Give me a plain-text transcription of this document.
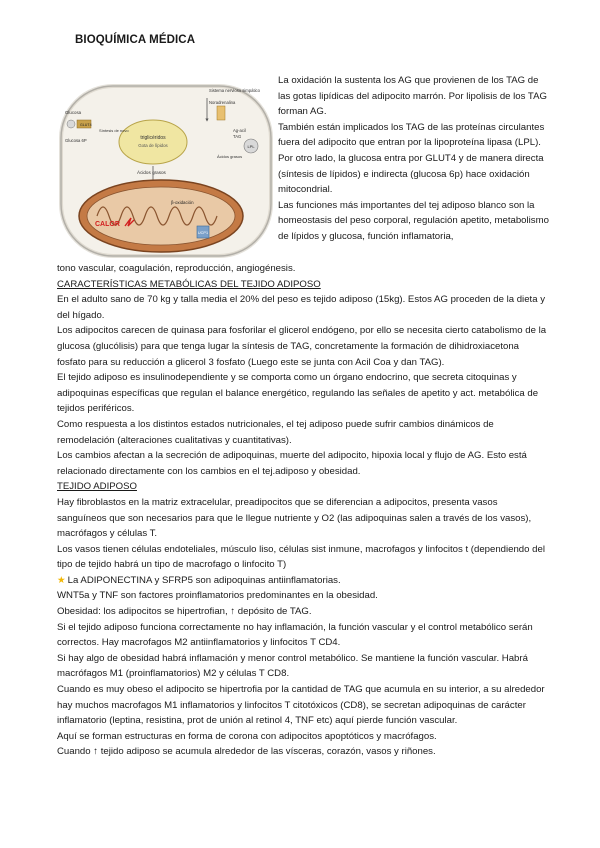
BIOQUÍMICA MÉDICA
triglicéridos
Gota de lípidos
Glucosa
GLUT4
Glucosa 6P
Síntesis de novo
Sistema nervioso simpático
Noradrenalina
Ag-acil
LPL
TAG
Ácidos grasos
Ácidos grasos
β-oxidación
CALOR
UCP1

La oxidación la sustenta los AG que provienen de los TAG de las gotas lipídicas del adipocito marrón. Por lipolisis de los TAG forman AG.

También están implicados los TAG de las proteínas circulantes fuera del adipocito que entran por la lipoproteína lipasa (LPL).

Por otro lado, la glucosa entra por GLUT4 y de manera directa (síntesis de lípidos) e indirecta (glucosa 6p) hace oxidación mitocondrial.

Las funciones más importantes del tej adiposo blanco son la homeostasis del peso corporal, regulación apetito, metabolismo de lípidos y glucosa, función inflamatoria,

tono vascular, coagulación, reproducción, angiogénesis.

CARACTERÍSTICAS METABÓLICAS DEL TEJIDO ADIPOSO

En el adulto sano de 70 kg y talla media el 20% del peso es tejido adiposo (15kg). Estos AG proceden de la dieta y del hígado.

Los adipocitos carecen de quinasa para fosforilar el glicerol endógeno, por ello se necesita cierto catabolismo de la glucosa (glucólisis) para que tenga lugar la síntesis de TAG, concretamente la formación de dihidroxiacetona fosfato para su reducción a glicerol 3 fosfato (Luego este se junta con Acil Coa y dan TAG).

El tejido adiposo es insulinodependiente y se comporta como un órgano endocrino, que secreta citoquinas y adipoquinas específicas que regulan el balance energético, regulando las señales de apetito y act. metabólica de tejidos periféricos.

Como respuesta a los distintos estados nutricionales, el tej adiposo puede sufrir cambios dinámicos de remodelación (alteraciones cualitativas y cuantitativas).

Los cambios afectan a la secreción de adipoquinas, muerte del adipocito, hipoxia local y flujo de AG. Esto está relacionado directamente con los cambios en el tej.adiposo y obesidad.

TEJIDO ADIPOSO

Hay fibroblastos en la matriz extracelular, preadipocitos que se diferencian a adipocitos, presenta vasos sanguíneos que son necesarios para que le llegue nutriente y O2 (las adipoquinas salen a través de los vasos), macrófagos y células T.

Los vasos tienen células endoteliales, músculo liso, células sist inmune, macrofagos y linfocitos t (dependiendo del tipo de tejido habrá un tipo de macrofago o linfocito T)

★ La ADIPONECTINA y SFRP5 son adipoquinas antiinflamatorias.

WNT5a y TNF son factores proinflamatorios predominantes en la obesidad.

Obesidad: los adipocitos se hipertrofian, ↑ depósito de TAG.

Si el tejido adiposo funciona correctamente no hay inflamación, la función vascular y el control metabólico serán correctos. Hay macrofagos M2 antiinflamatorios y linfocitos T CD4.

Si hay algo de obesidad habrá inflamación y menor control metabólico. Se mantiene la función vascular. Habrá macrófagos M1 (proinflamatorios) M2 y células T CD8.

Cuando es muy obeso el adipocito se hipertrofia por la cantidad de TAG que acumula en su interior, a su alrededor hay muchos macrofagos M1 inflamatorios y linfocitos T citotóxicos (CD8), se secretan adipoquinas de carácter inflamatorio (leptina, resistina, prot de unión al retinol 4, TNF etc) aquí pierde función vascular.

Aquí se forman estructuras en forma de corona con adipocitos apoptóticos y macrófagos.

Cuando ↑ tejido adiposo se acumula alrededor de las vísceras, corazón, vasos y riñones.
